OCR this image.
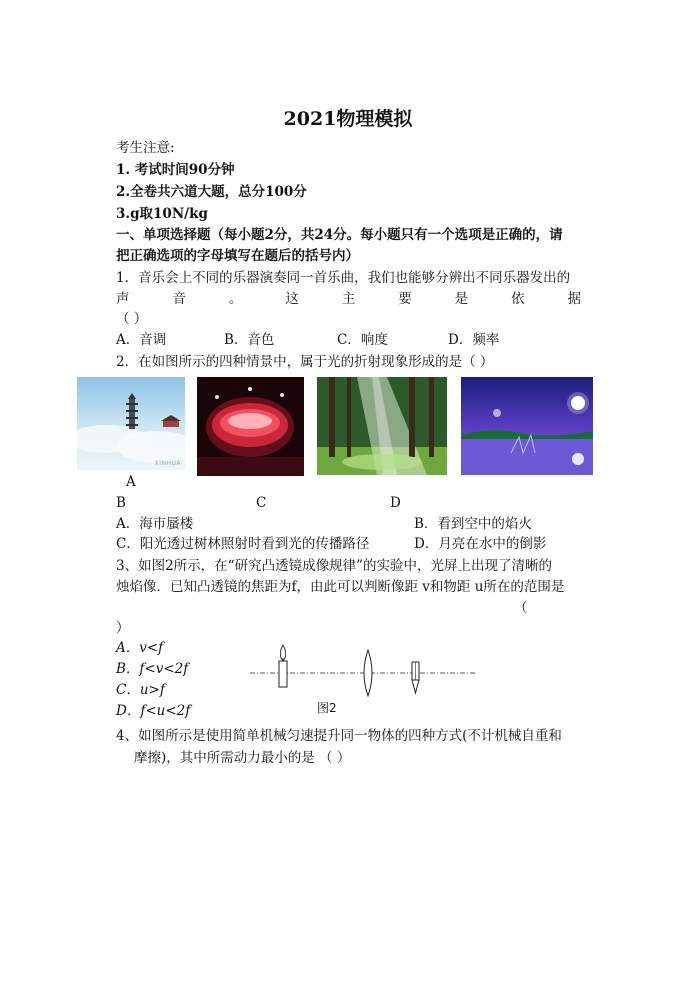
2021物理模拟
考生注意:
1. 考试时间90分钟
2.全卷共六道大题，总分100分
3.g取10N/kg
一、单项选择题（每小题2分，共24分。每小题只有一个选项是正确的，请
把正确选项的字母填写在题后的括号内）
1．音乐会上不同的乐器演奏同一首乐曲，我们也能够分辨出不同乐器发出的
声	音	。	这	主	要	是	依	据
（ ）
A．音调	B．音色	C．响度	D．频率
2．在如图所示的四种情景中，属于光的折射现象形成的是（ ）
XINHUA
A
B	C	D
A．海市蜃楼	B．看到空中的焰火
C．阳光透过树林照射时看到光的传播路径	D．月亮在水中的倒影
3、如图2所示，在“研究凸透镜成像规律”的实验中，光屏上出现了清晰的
烛焰像．已知凸透镜的焦距为f，由此可以判断像距 v和物距 u所在的范围是
（
）
A．v<f
B．f<v<2f
C．u>f
D．f<u<2f	图2
4、如图所示是使用简单机械匀速提升同一物体的四种方式(不计机械自重和
摩擦)，其中所需动力最小的是 （ ）
